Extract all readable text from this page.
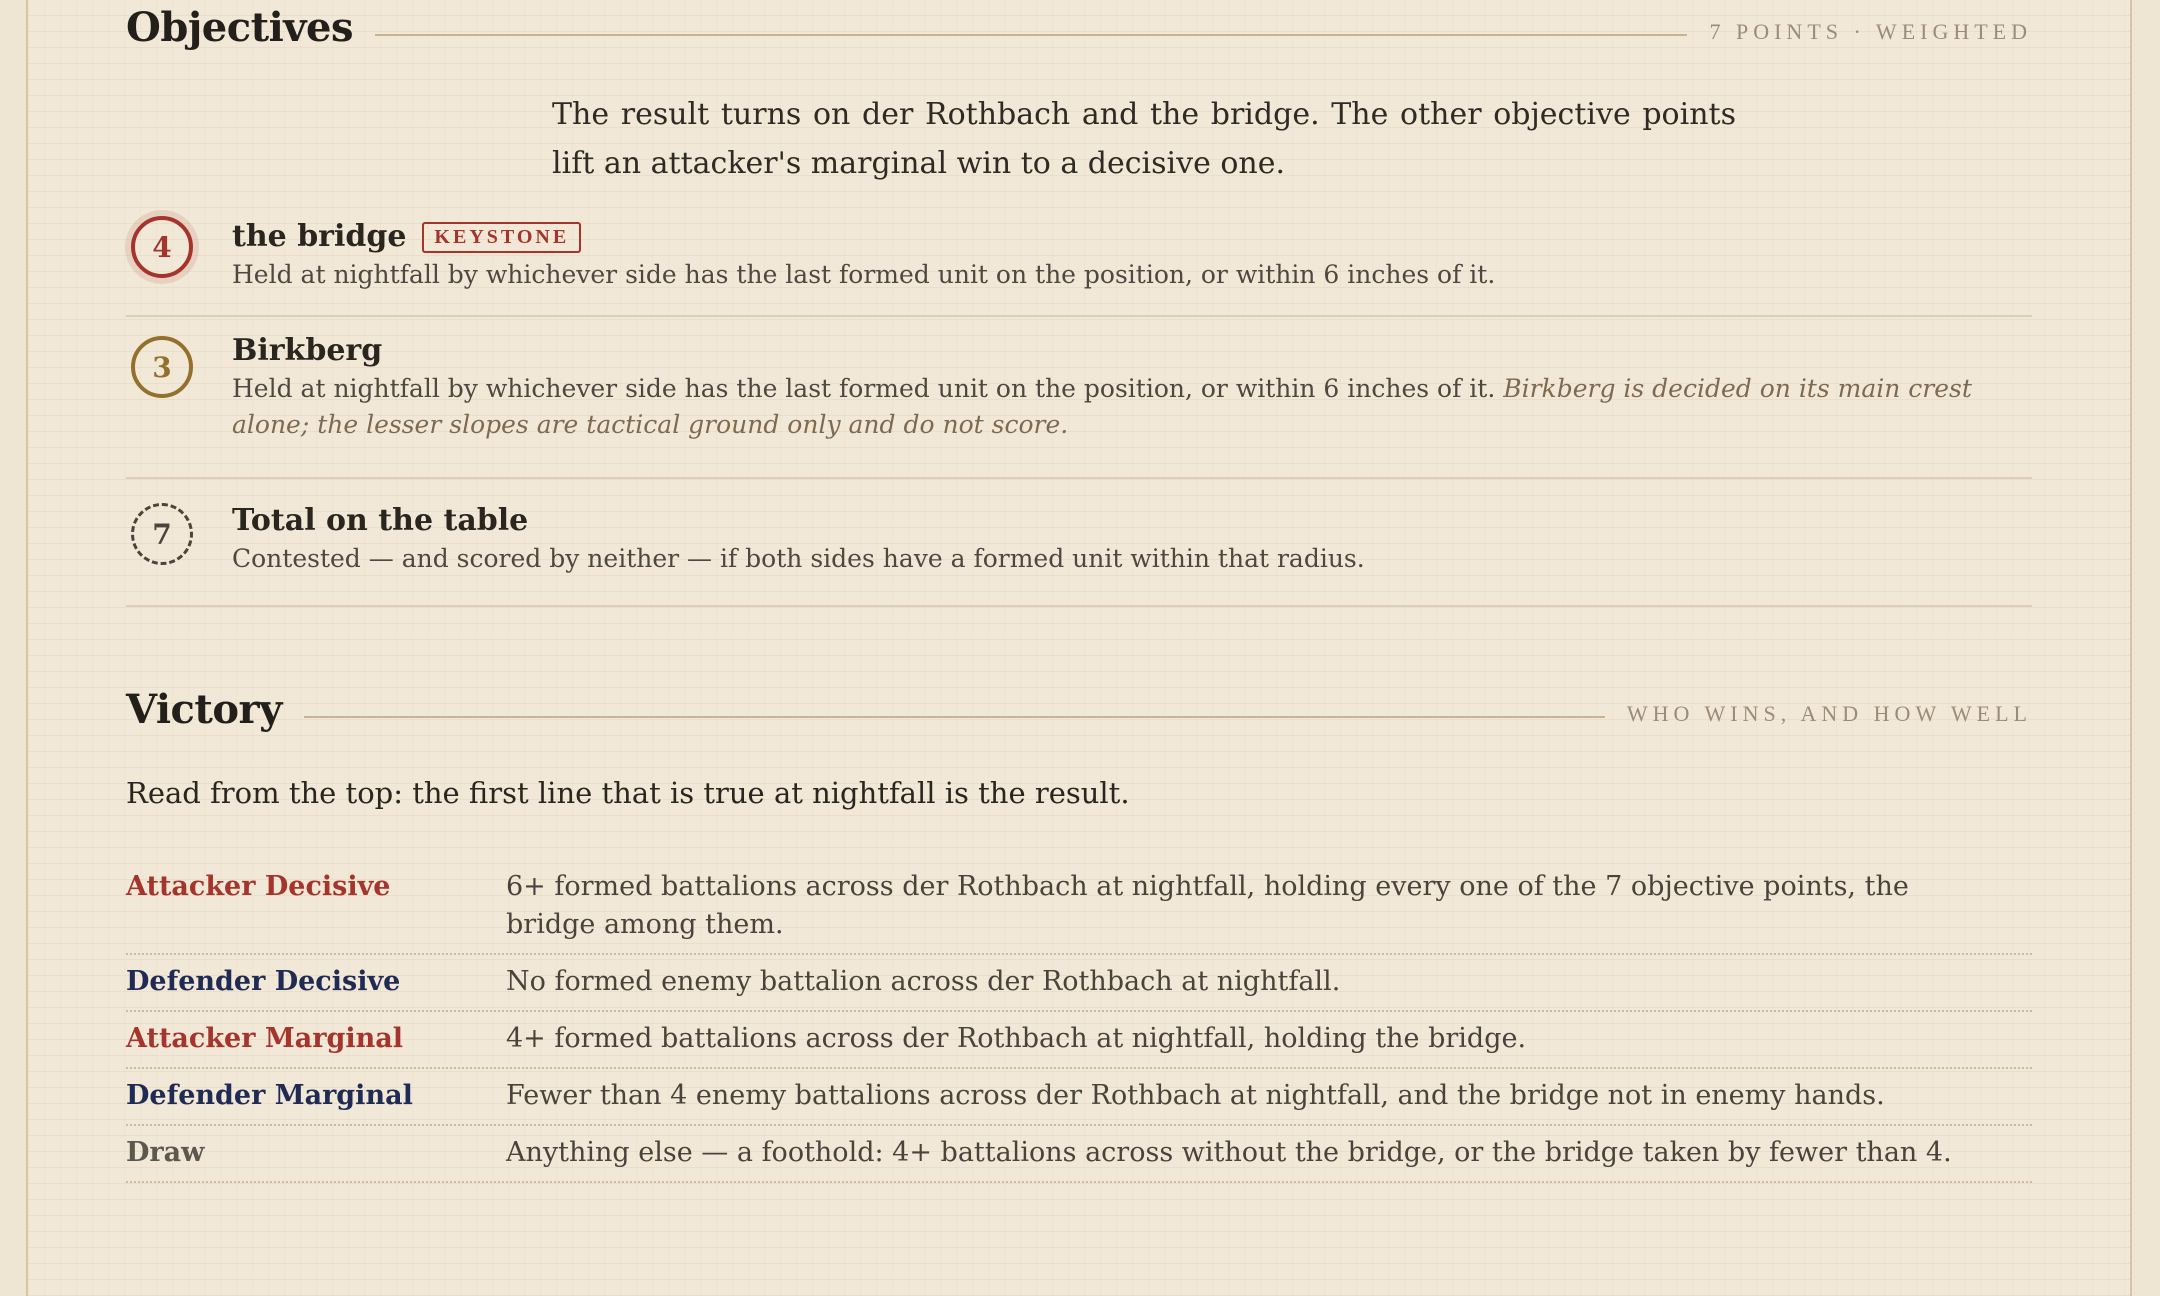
Objectives	7 POINTS · WEIGHTED
The result turns on der Rothbach and the bridge. The other objective points lift an attacker's marginal win to a decisive one.
4	the bridge	KEYSTONE
Held at nightfall by whichever side has the last formed unit on the position, or within 6 inches of it.
3	Birkberg
Held at nightfall by whichever side has the last formed unit on the position, or within 6 inches of it. Birkberg is decided on its main crest alone; the lesser slopes are tactical ground only and do not score.
7	Total on the table
Contested — and scored by neither — if both sides have a formed unit within that radius.
Victory	WHO WINS, AND HOW WELL
Read from the top: the first line that is true at nightfall is the result.
Attacker Decisive	6+ formed battalions across der Rothbach at nightfall, holding every one of the 7 objective points, the bridge among them.
Defender Decisive	No formed enemy battalion across der Rothbach at nightfall.
Attacker Marginal	4+ formed battalions across der Rothbach at nightfall, holding the bridge.
Defender Marginal	Fewer than 4 enemy battalions across der Rothbach at nightfall, and the bridge not in enemy hands.
Draw	Anything else — a foothold: 4+ battalions across without the bridge, or the bridge taken by fewer than 4.
